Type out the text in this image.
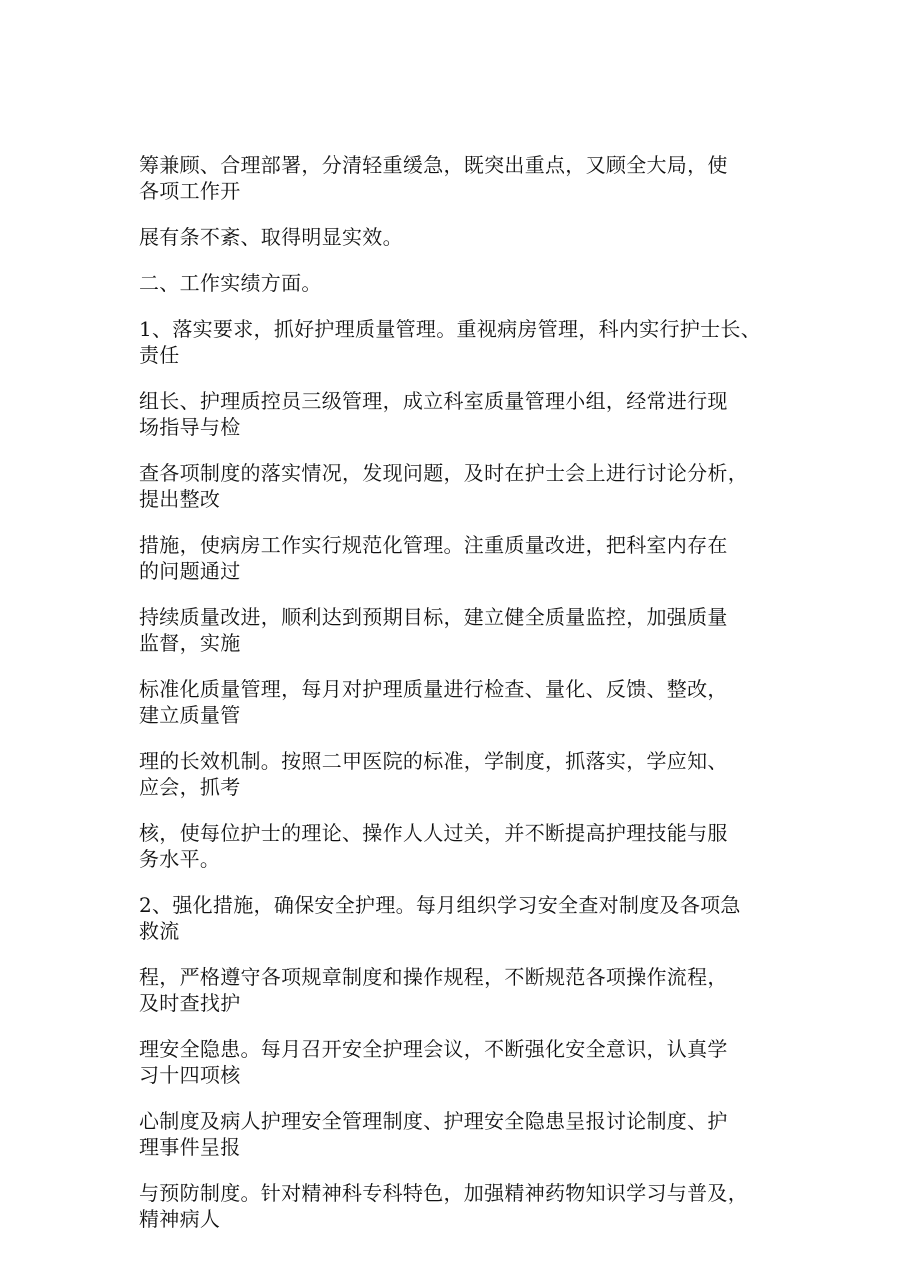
筹兼顾、合理部署，分清轻重缓急，既突出重点，又顾全大局，使
各项工作开

展有条不紊、取得明显实效。

二、工作实绩方面。

1、落实要求，抓好护理质量管理。重视病房管理，科内实行护士长、
责任

组长、护理质控员三级管理，成立科室质量管理小组，经常进行现
场指导与检

查各项制度的落实情况，发现问题，及时在护士会上进行讨论分析，
提出整改

措施，使病房工作实行规范化管理。注重质量改进，把科室内存在
的问题通过

持续质量改进，顺利达到预期目标，建立健全质量监控，加强质量
监督，实施

标准化质量管理，每月对护理质量进行检查、量化、反馈、整改，
建立质量管

理的长效机制。按照二甲医院的标准，学制度，抓落实，学应知、
应会，抓考

核，使每位护士的理论、操作人人过关，并不断提高护理技能与服
务水平。

2、强化措施，确保安全护理。每月组织学习安全查对制度及各项急
救流

程，严格遵守各项规章制度和操作规程，不断规范各项操作流程，
及时查找护

理安全隐患。每月召开安全护理会议，不断强化安全意识，认真学
习十四项核

心制度及病人护理安全管理制度、护理安全隐患呈报讨论制度、护
理事件呈报

与预防制度。针对精神科专科特色，加强精神药物知识学习与普及，
精神病人
